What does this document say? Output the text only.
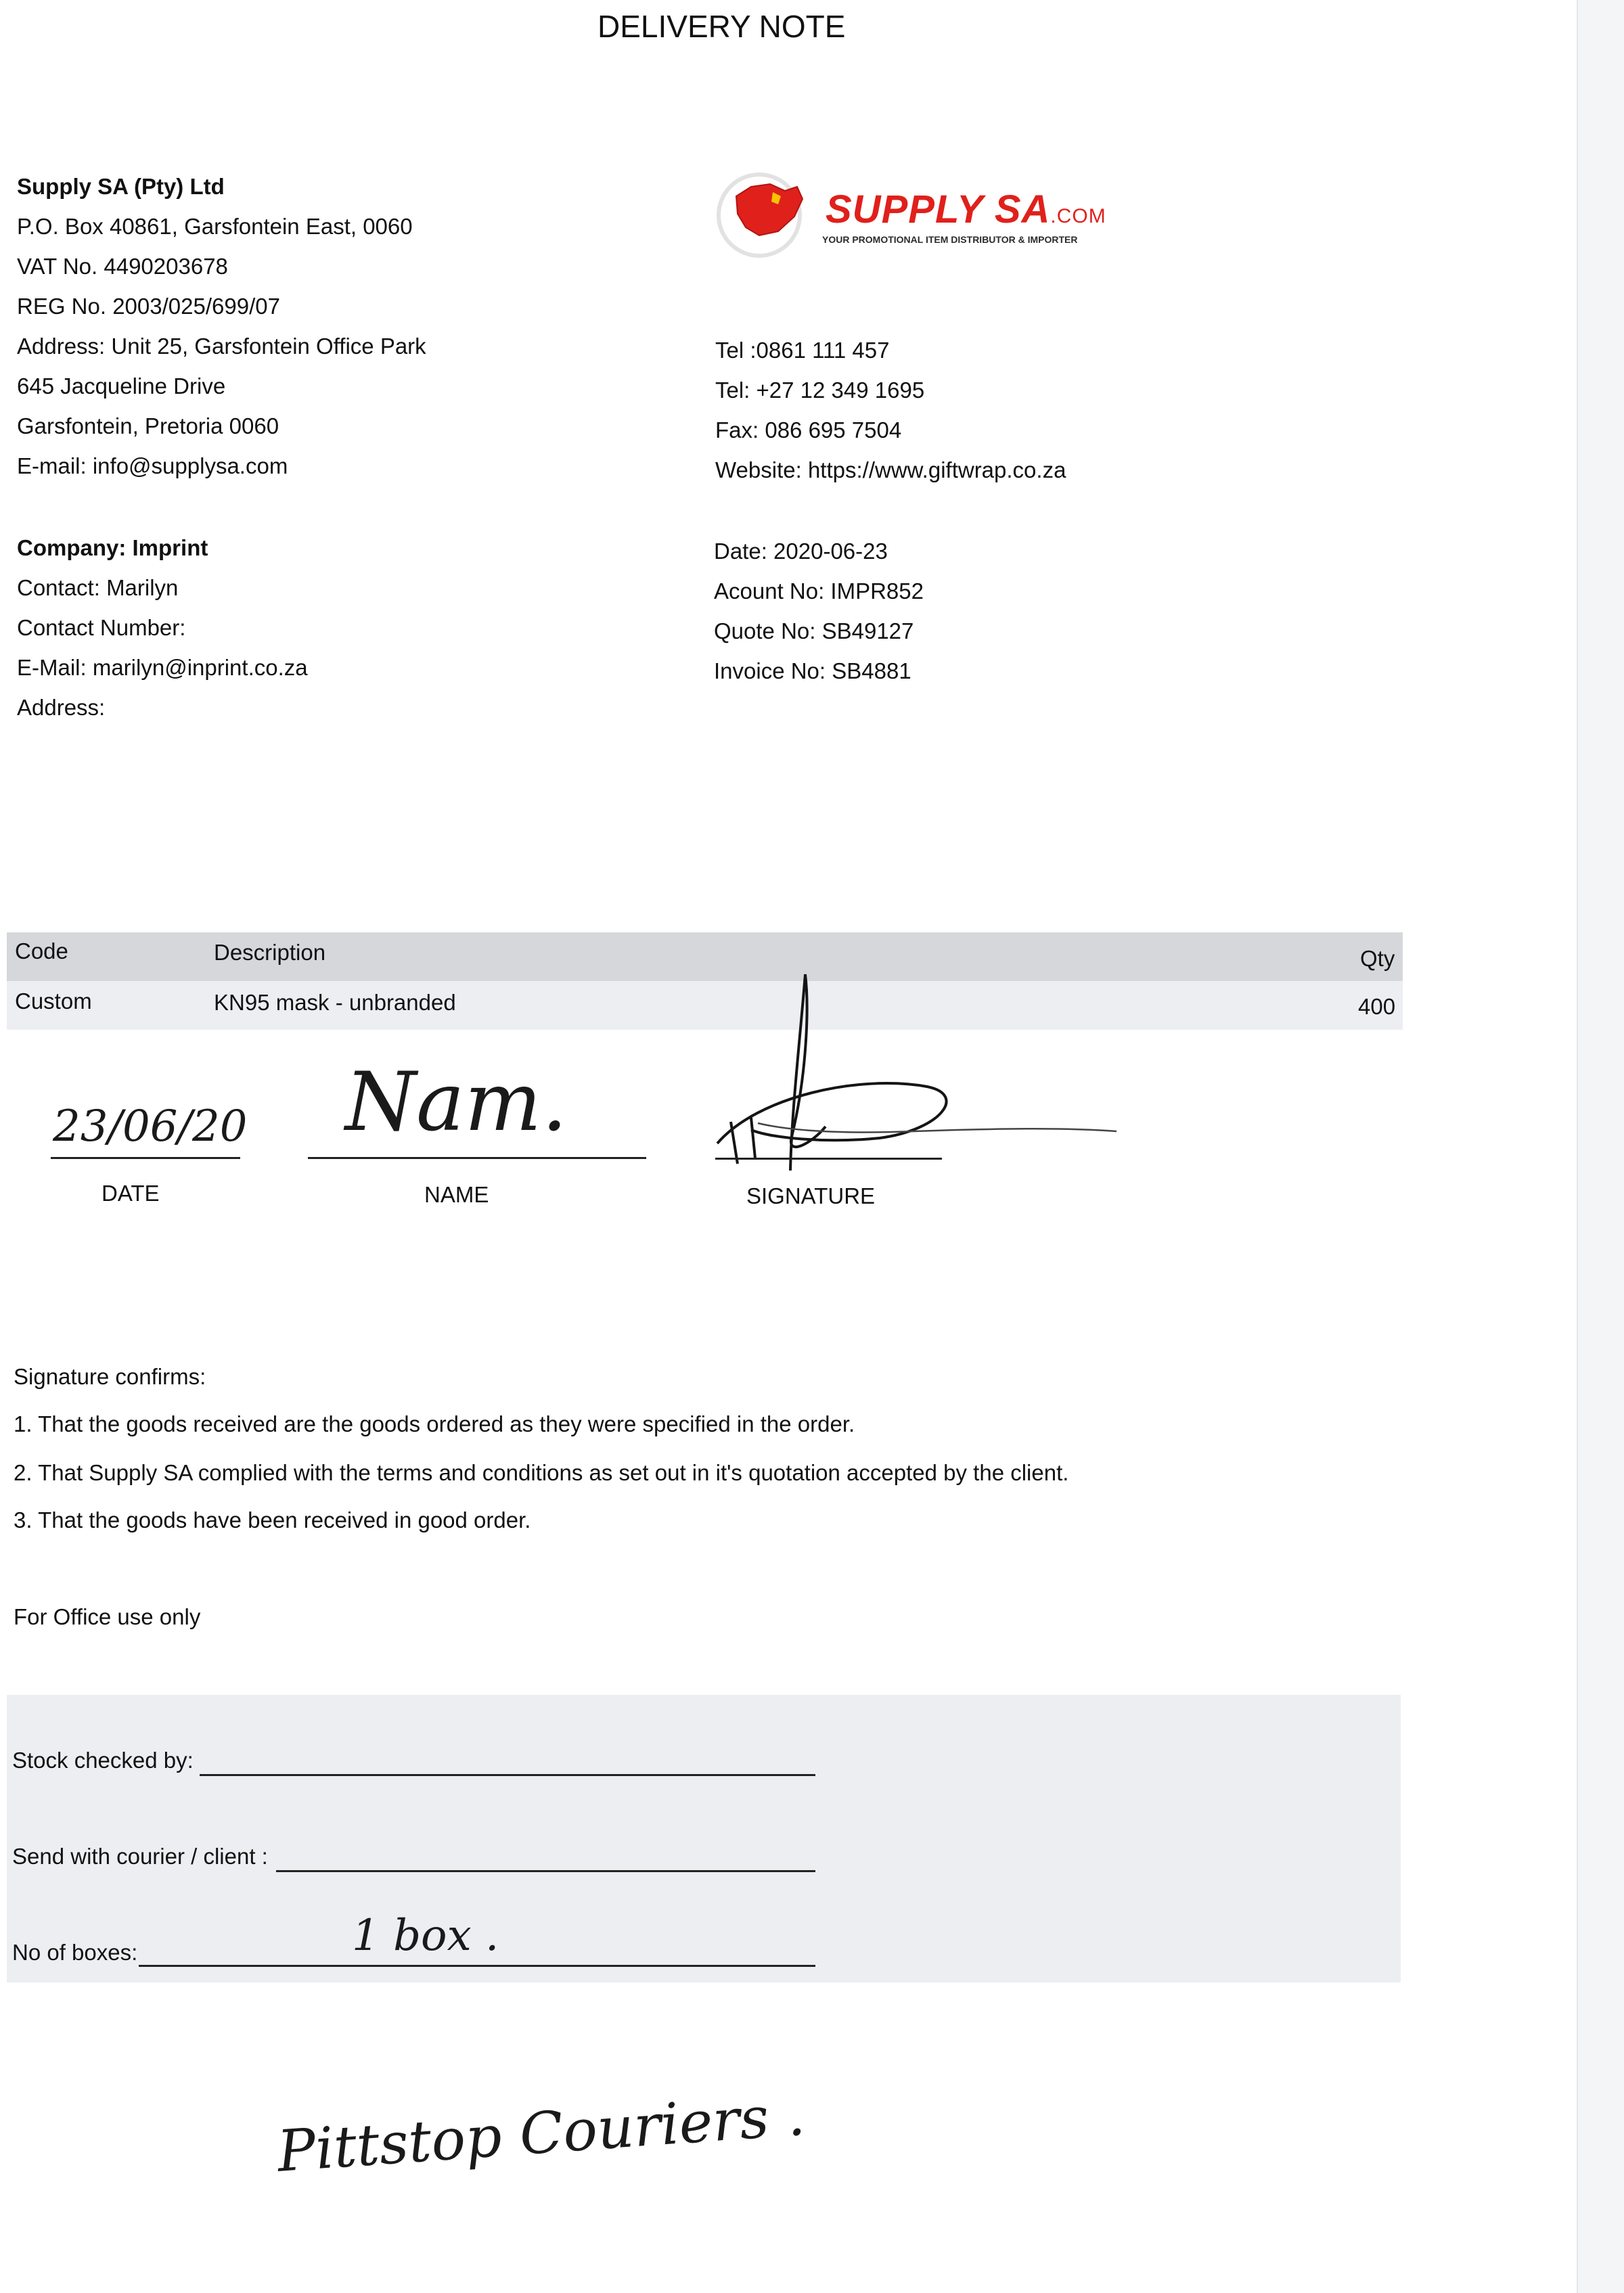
DELIVERY NOTE
Supply SA (Pty) Ltd
P.O. Box 40861, Garsfontein East, 0060
VAT No. 4490203678
REG No. 2003/025/699/07
Address: Unit 25, Garsfontein Office Park
645 Jacqueline Drive
Garsfontein, Pretoria 0060
E-mail: info@supplysa.com
SUPPLY SA.COM
YOUR PROMOTIONAL ITEM DISTRIBUTOR & IMPORTER
Tel :0861 111 457
Tel: +27 12 349 1695
Fax: 086 695 7504
Website: https://www.giftwrap.co.za
Company: Imprint
Contact: Marilyn
Contact Number:
E-Mail: marilyn@inprint.co.za
Address:
Date: 2020-06-23
Acount No: IMPR852
Quote No: SB49127
Invoice No: SB4881
Code	Description	Qty
Custom	KN95 mask - unbranded	400
23/06/20
DATE
Nam.
NAME	SIGNATURE
Signature confirms:
1. That the goods received are the goods ordered as they were specified in the order.
2. That Supply SA complied with the terms and conditions as set out in it's quotation accepted by the client.
3. That the goods have been received in good order.
For Office use only
Stock checked by:
Send with courier / client :
No of boxes:	1 box .
Pittstop Couriers .
